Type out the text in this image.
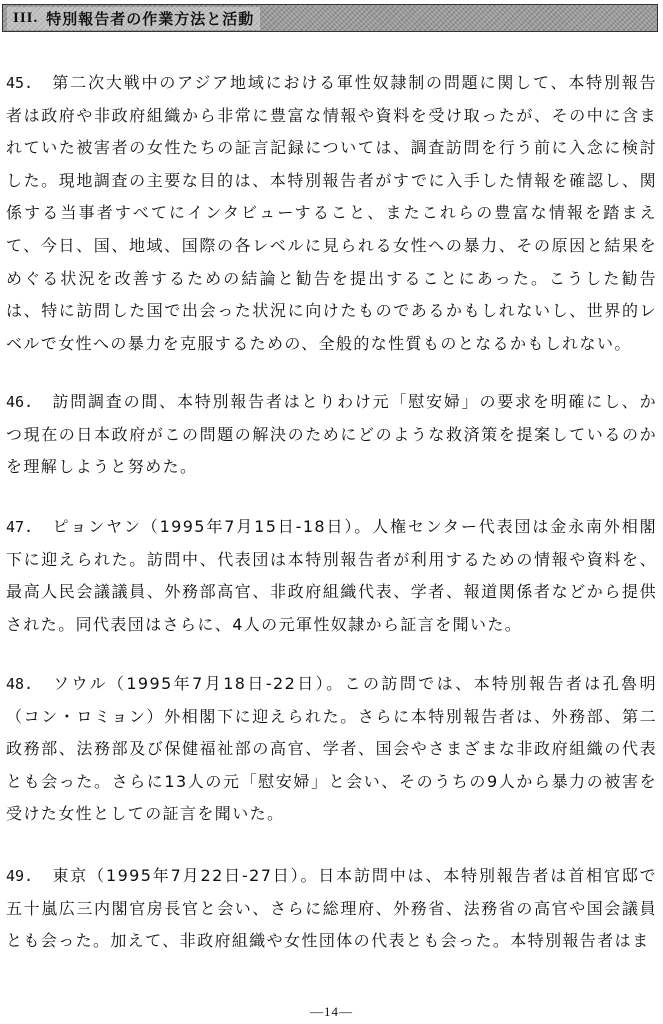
III. 特別報告者の作業方法と活動

45. 第二次大戦中のアジア地域における軍性奴隷制の問題に関して、本特別報告者は政府や非政府組織から非常に豊富な情報や資料を受け取ったが、その中に含まれていた被害者の女性たちの証言記録については、調査訪問を行う前に入念に検討した。現地調査の主要な目的は、本特別報告者がすでに入手した情報を確認し、関係する当事者すべてにインタビューすること、またこれらの豊富な情報を踏まえて、今日、国、地域、国際の各レベルに見られる女性への暴力、その原因と結果をめぐる状況を改善するための結論と勧告を提出することにあった。こうした勧告は、特に訪問した国で出会った状況に向けたものであるかもしれないし、世界的レベルで女性への暴力を克服するための、全般的な性質ものとなるかもしれない。

46. 訪問調査の間、本特別報告者はとりわけ元「慰安婦」の要求を明確にし、かつ現在の日本政府がこの問題の解決のためにどのような救済策を提案しているのかを理解しようと努めた。

47. ピョンヤン（1995年7月15日-18日）。人権センター代表団は金永南外相閣下に迎えられた。訪問中、代表団は本特別報告者が利用するための情報や資料を、最高人民会議議員、外務部高官、非政府組織代表、学者、報道関係者などから提供された。同代表団はさらに、4人の元軍性奴隷から証言を聞いた。

48. ソウル（1995年7月18日-22日）。この訪問では、本特別報告者は孔魯明（コン・ロミョン）外相閣下に迎えられた。さらに本特別報告者は、外務部、第二政務部、法務部及び保健福祉部の高官、学者、国会やさまざまな非政府組織の代表とも会った。さらに13人の元「慰安婦」と会い、そのうちの9人から暴力の被害を受けた女性としての証言を聞いた。

49. 東京（1995年7月22日-27日）。日本訪問中は、本特別報告者は首相官邸で五十嵐広三内閣官房長官と会い、さらに総理府、外務省、法務省の高官や国会議員とも会った。加えて、非政府組織や女性団体の代表とも会った。本特別報告者はま

—14—
